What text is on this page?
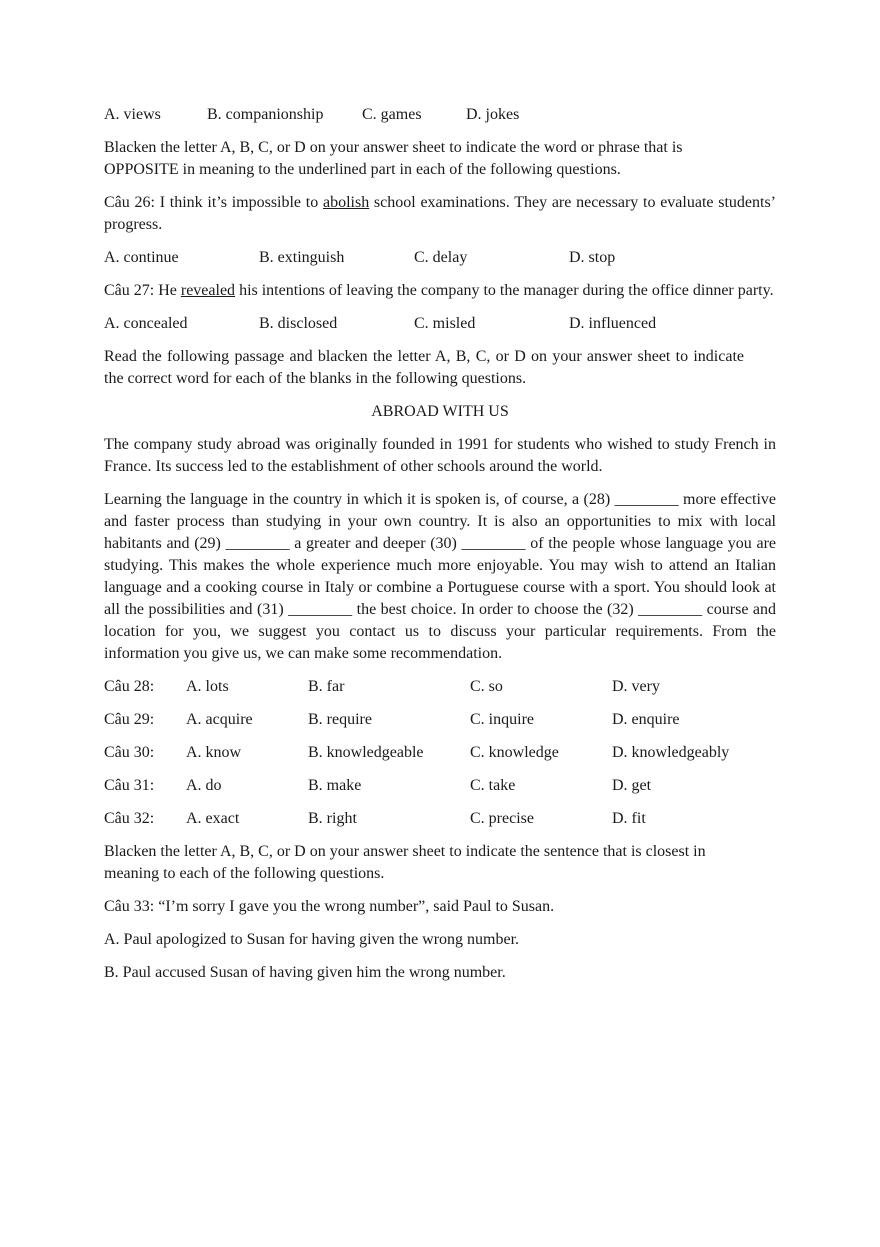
A. views	B. companionship	C. games	D. jokes

Blacken the letter A, B, C, or D on your answer sheet to indicate the word or phrase that is OPPOSITE in meaning to the underlined part in each of the following questions.

Câu 26: I think it’s impossible to abolish school examinations. They are necessary to evaluate students’ progress.

A. continue	B. extinguish	C. delay	D. stop

Câu 27: He revealed his intentions of leaving the company to the manager during the office dinner party.

A. concealed	B. disclosed	C. misled	D. influenced

Read the following passage and blacken the letter A, B, C, or D on your answer sheet to indicate the correct word for each of the blanks in the following questions.

ABROAD WITH US

The company study abroad was originally founded in 1991 for students who wished to study French in France. Its success led to the establishment of other schools around the world.

Learning the language in the country in which it is spoken is, of course, a (28) ________ more effective and faster process than studying in your own country. It is also an opportunities to mix with local habitants and (29) ________ a greater and deeper (30) ________ of the people whose language you are studying. This makes the whole experience much more enjoyable. You may wish to attend an Italian language and a cooking course in Italy or combine a Portuguese course with a sport. You should look at all the possibilities and (31) ________ the best choice. In order to choose the (32) ________ course and location for you, we suggest you contact us to discuss your particular requirements. From the information you give us, we can make some recommendation.

Câu 28:	A. lots	B. far	C. so	D. very
Câu 29:	A. acquire	B. require	C. inquire	D. enquire
Câu 30:	A. know	B. knowledgeable	C. knowledge	D. knowledgeably
Câu 31:	A. do	B. make	C. take	D. get
Câu 32:	A. exact	B. right	C. precise	D. fit

Blacken the letter A, B, C, or D on your answer sheet to indicate the sentence that is closest in meaning to each of the following questions.

Câu 33: “I’m sorry I gave you the wrong number”, said Paul to Susan.

A. Paul apologized to Susan for having given the wrong number.

B. Paul accused Susan of having given him the wrong number.
